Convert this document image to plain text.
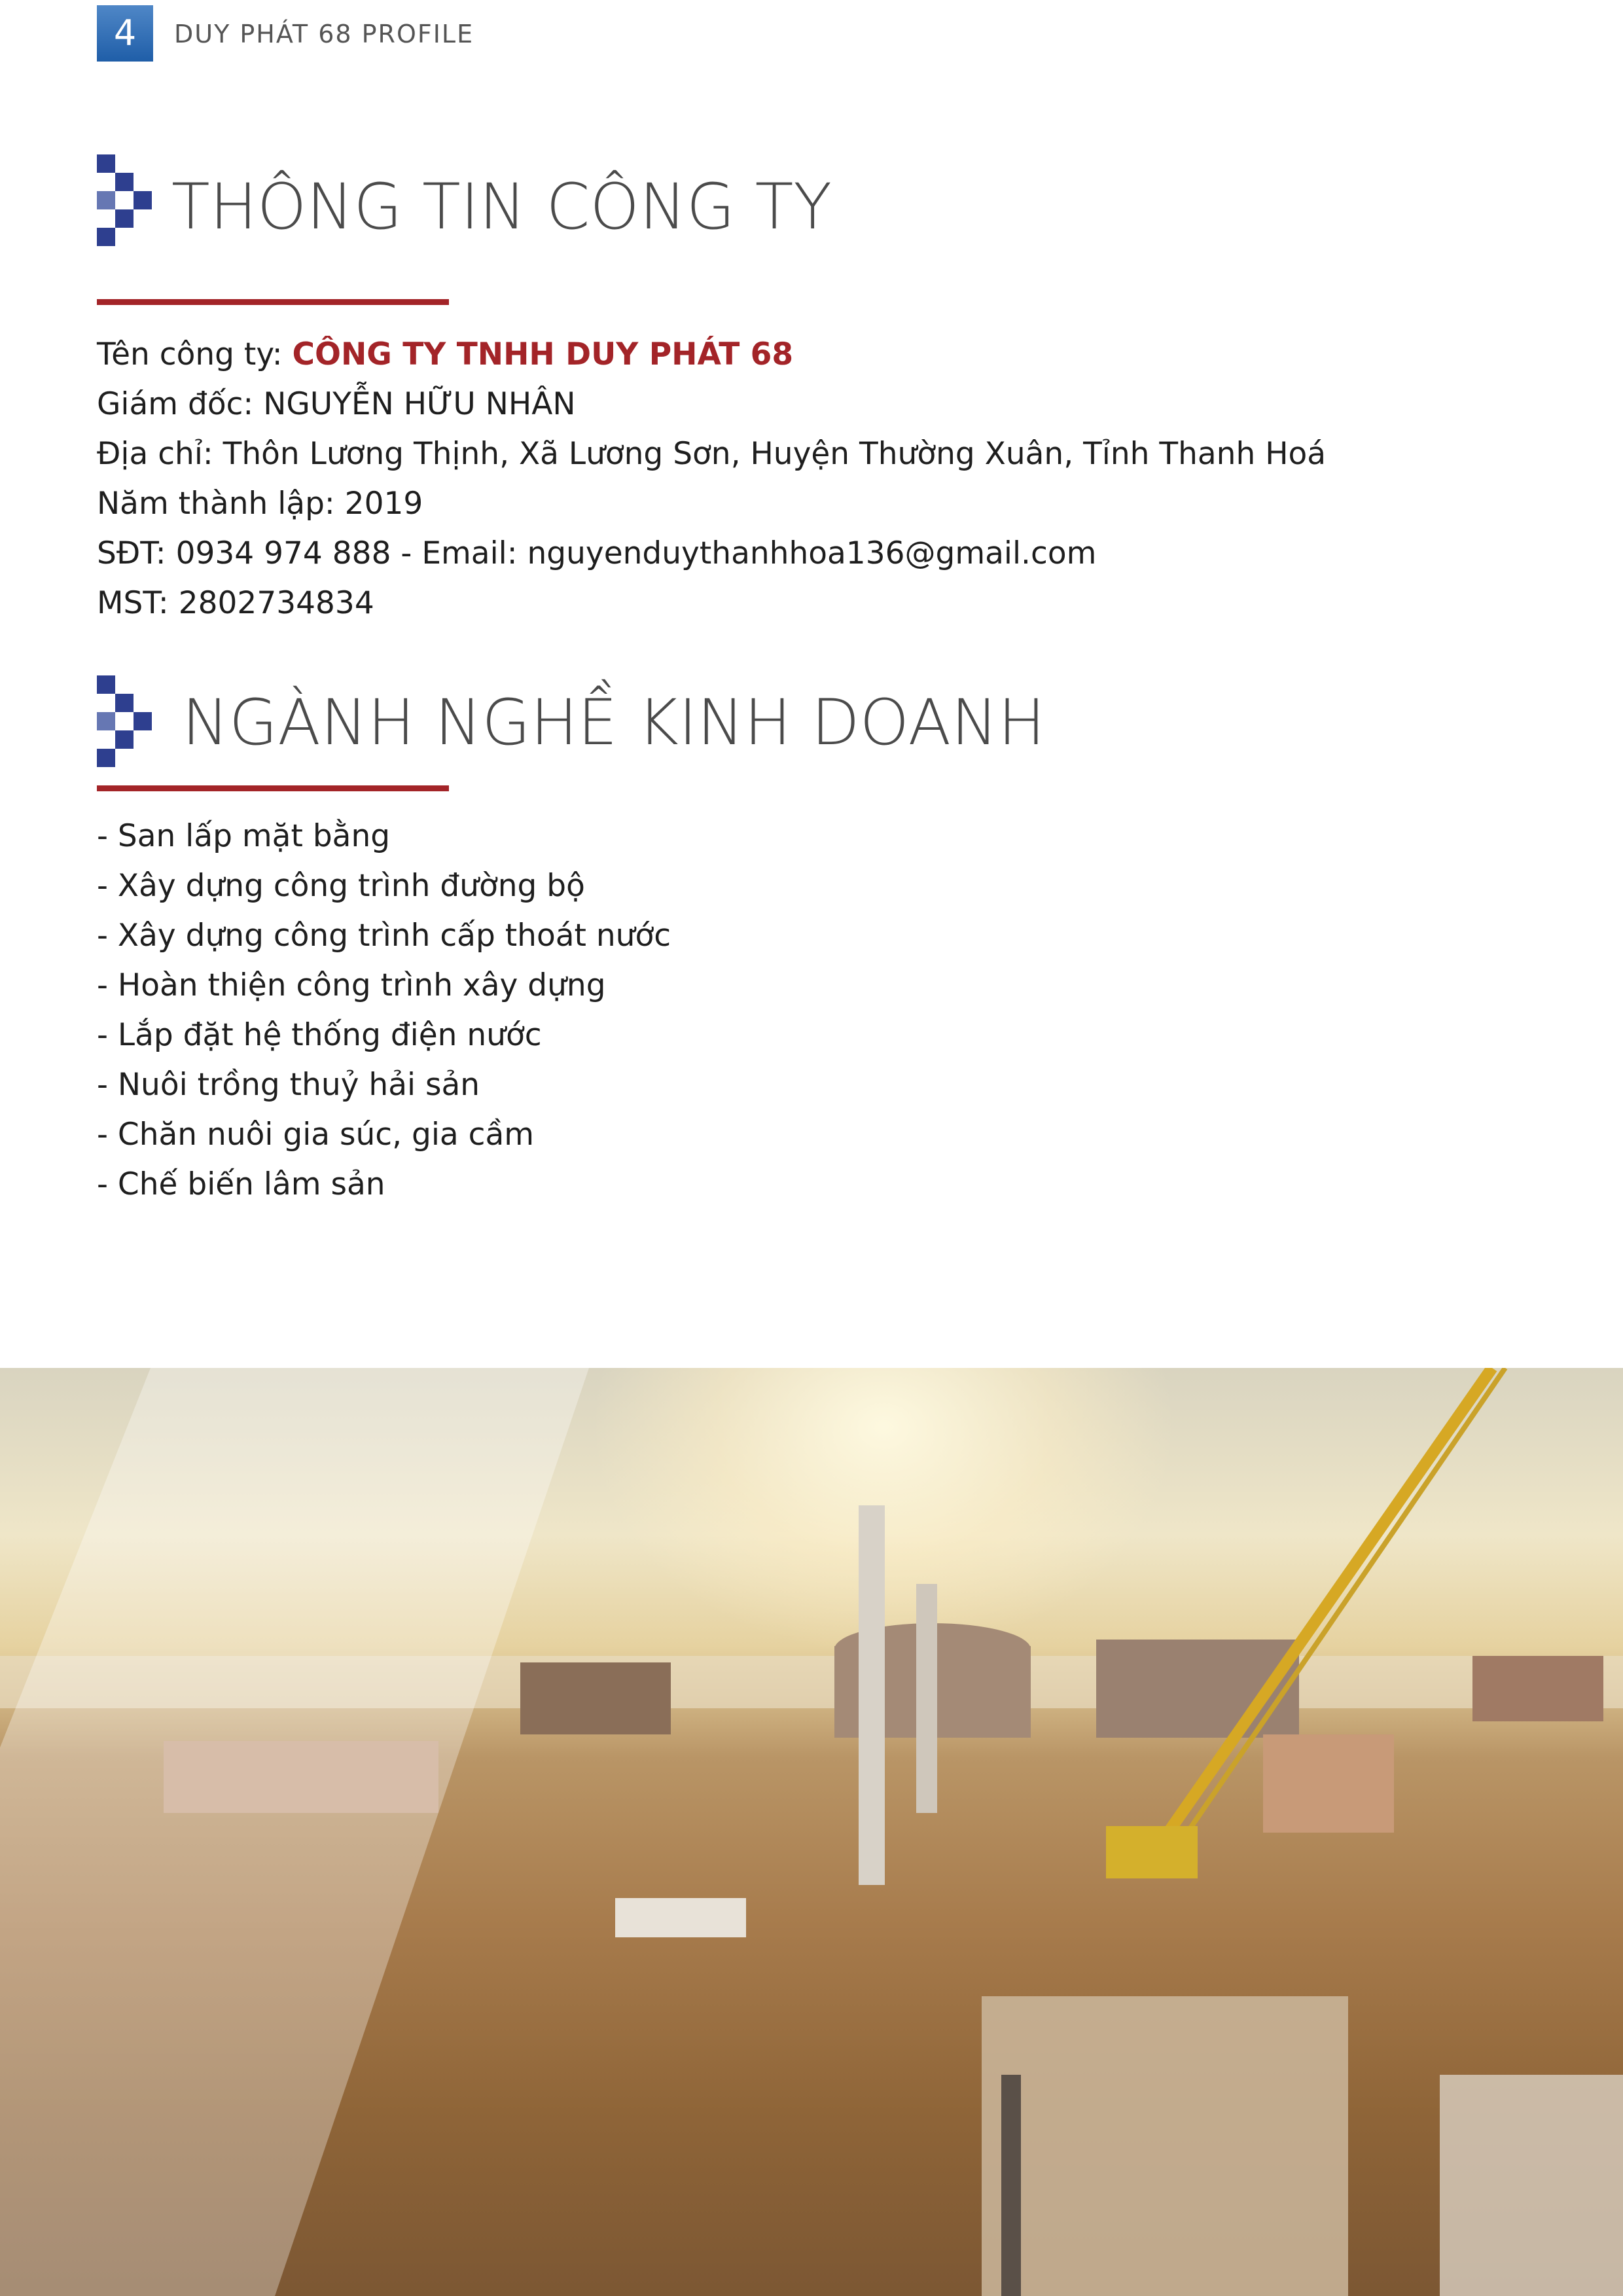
4	DUY PHÁT 68 PROFILE
THÔNG TIN CÔNG TY
Tên công ty: CÔNG TY TNHH DUY PHÁT 68
Giám đốc: NGUYỄN HỮU NHÂN
Địa chỉ: Thôn Lương Thịnh, Xã Lương Sơn, Huyện Thường Xuân, Tỉnh Thanh Hoá
Năm thành lập: 2019
SĐT: 0934 974 888 - Email: nguyenduythanhhoa136@gmail.com
MST: 2802734834
NGÀNH NGHỀ KINH DOANH
- San lấp mặt bằng
- Xây dựng công trình đường bộ
- Xây dựng công trình cấp thoát nước
- Hoàn thiện công trình xây dựng
- Lắp đặt hệ thống điện nước
- Nuôi trồng thuỷ hải sản
- Chăn nuôi gia súc, gia cầm
- Chế biến lâm sản
